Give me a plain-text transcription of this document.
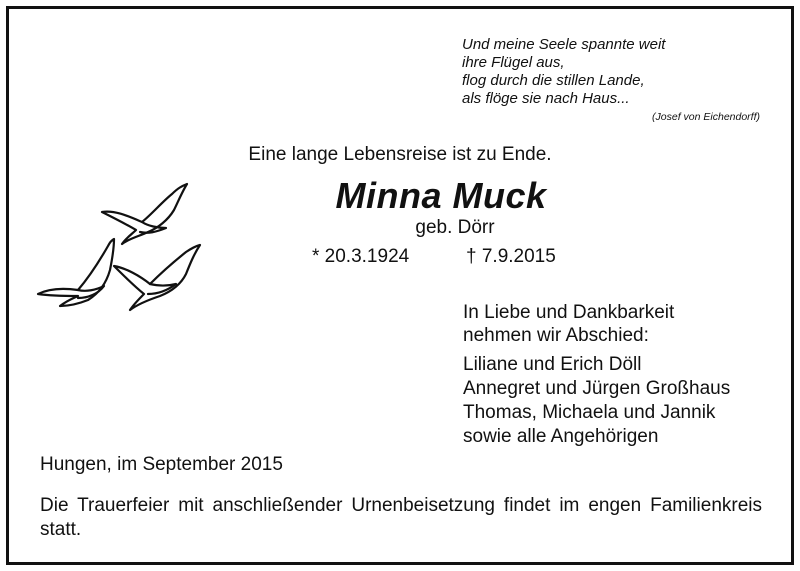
Und meine Seele spannte weit
ihre Flügel aus,
flog durch die stillen Lande,
als flöge sie nach Haus...
(Josef von Eichendorff)
Eine lange Lebensreise ist zu Ende.
Minna Muck
geb. Dörr
* 20.3.1924	† 7.9.2015
In Liebe und Dankbarkeit
nehmen wir Abschied:
Liliane und Erich Döll
Annegret und Jürgen Großhaus
Thomas, Michaela und Jannik
sowie alle Angehörigen
Hungen, im September 2015
Die Trauerfeier mit anschließender Urnenbeisetzung findet im engen Familienkreis statt.
